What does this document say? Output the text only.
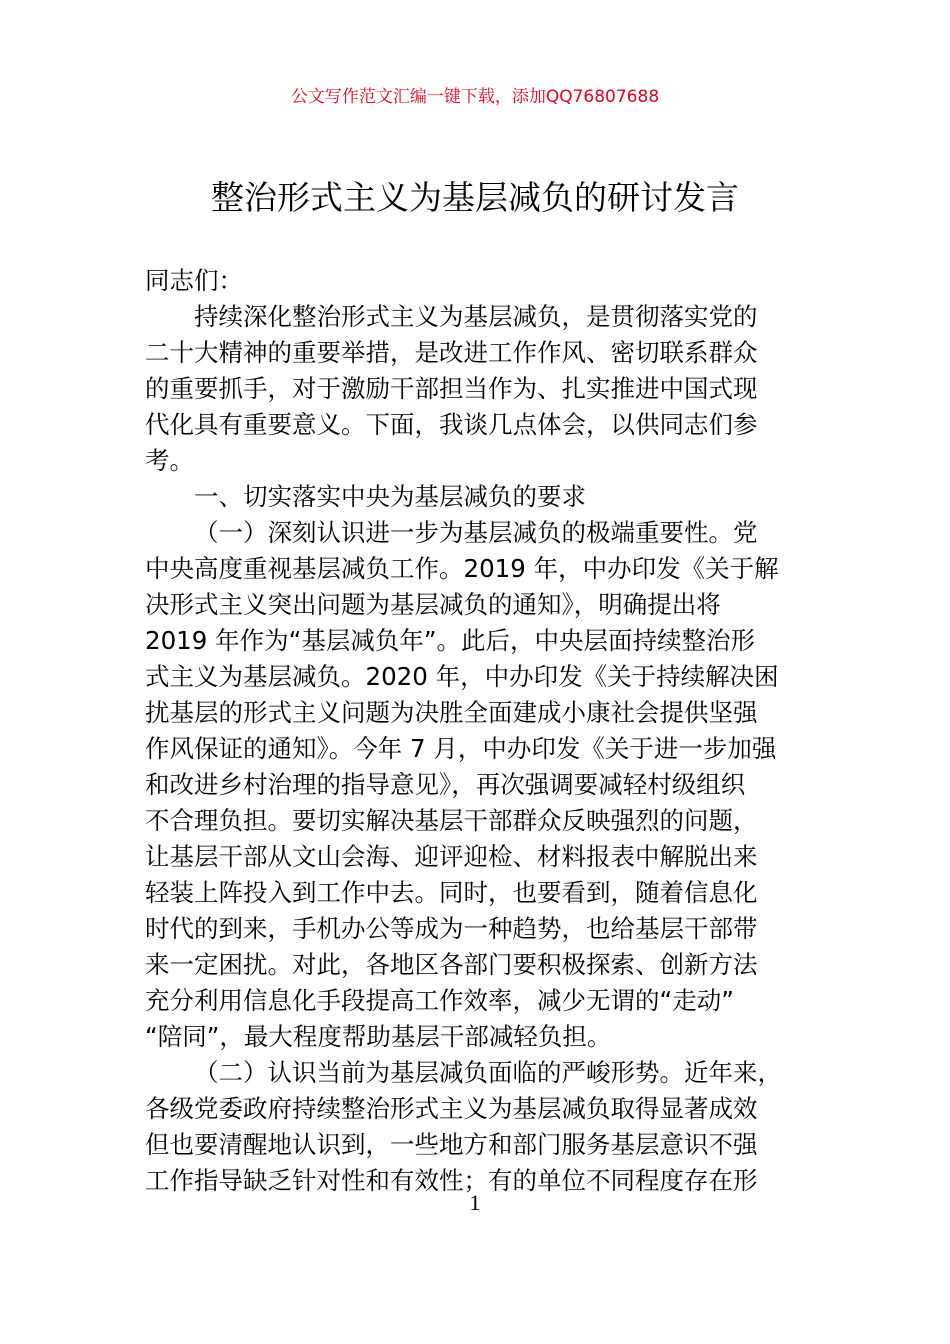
公文写作范文汇编一键下载，添加QQ76807688
整治形式主义为基层减负的研讨发言
同志们：
持续深化整治形式主义为基层减负，是贯彻落实党的
二十大精神的重要举措，是改进工作作风、密切联系群众
的重要抓手，对于激励干部担当作为、扎实推进中国式现
代化具有重要意义。下面，我谈几点体会，以供同志们参
考。
一、切实落实中央为基层减负的要求
（一）深刻认识进一步为基层减负的极端重要性。党
中央高度重视基层减负工作。2019 年，中办印发《关于解
决形式主义突出问题为基层减负的通知》，明确提出将
2019 年作为“基层减负年”。此后，中央层面持续整治形
式主义为基层减负。2020 年，中办印发《关于持续解决困
扰基层的形式主义问题为决胜全面建成小康社会提供坚强
作风保证的通知》。今年 7 月，中办印发《关于进一步加强
和改进乡村治理的指导意见》，再次强调要减轻村级组织
不合理负担。要切实解决基层干部群众反映强烈的问题，
让基层干部从文山会海、迎评迎检、材料报表中解脱出来
轻装上阵投入到工作中去。同时，也要看到，随着信息化
时代的到来，手机办公等成为一种趋势，也给基层干部带
来一定困扰。对此，各地区各部门要积极探索、创新方法
充分利用信息化手段提高工作效率，减少无谓的“走动”
“陪同”，最大程度帮助基层干部减轻负担。
（二）认识当前为基层减负面临的严峻形势。近年来，
各级党委政府持续整治形式主义为基层减负取得显著成效
但也要清醒地认识到，一些地方和部门服务基层意识不强
工作指导缺乏针对性和有效性；有的单位不同程度存在形
1
